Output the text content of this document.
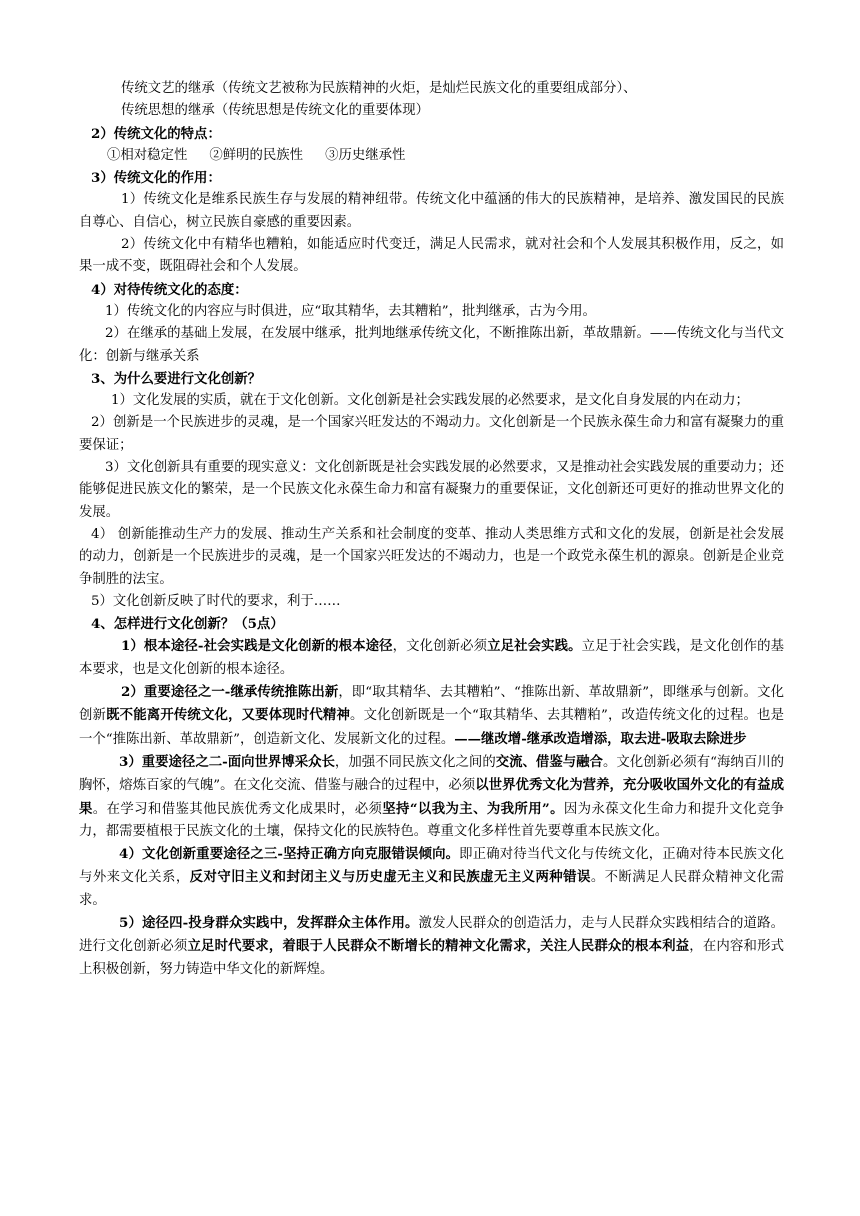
传统文艺的继承（传统文艺被称为民族精神的火炬，是灿烂民族文化的重要组成部分）、

传统思想的继承（传统思想是传统文化的重要体现）

2）传统文化的特点：

①相对稳定性 ②鲜明的民族性 ③历史继承性

3）传统文化的作用：

1）传统文化是维系民族生存与发展的精神纽带。传统文化中蕴涵的伟大的民族精神，是培养、激发国民的民族自尊心、自信心，树立民族自豪感的重要因素。

2）传统文化中有精华也糟粕，如能适应时代变迁，满足人民需求，就对社会和个人发展其积极作用，反之，如果一成不变，既阻碍社会和个人发展。

4）对待传统文化的态度：

1）传统文化的内容应与时俱进，应“取其精华，去其糟粕”，批判继承，古为今用。

2）在继承的基础上发展，在发展中继承，批判地继承传统文化，不断推陈出新，革故鼎新。——传统文化与当代文化：创新与继承关系

3、为什么要进行文化创新？

1）文化发展的实质，就在于文化创新。文化创新是社会实践发展的必然要求，是文化自身发展的内在动力；

2）创新是一个民族进步的灵魂，是一个国家兴旺发达的不竭动力。文化创新是一个民族永葆生命力和富有凝聚力的重要保证；

3）文化创新具有重要的现实意义：文化创新既是社会实践发展的必然要求，又是推动社会实践发展的重要动力；还能够促进民族文化的繁荣，是一个民族文化永葆生命力和富有凝聚力的重要保证，文化创新还可更好的推动世界文化的发展。

4） 创新能推动生产力的发展、推动生产关系和社会制度的变革、推动人类思维方式和文化的发展，创新是社会发展的动力，创新是一个民族进步的灵魂，是一个国家兴旺发达的不竭动力，也是一个政党永葆生机的源泉。创新是企业竞争制胜的法宝。

5）文化创新反映了时代的要求，利于……

4、怎样进行文化创新？（5点）

1）根本途径-社会实践是文化创新的根本途径，文化创新必须立足社会实践。立足于社会实践，是文化创作的基本要求，也是文化创新的根本途径。

2）重要途径之一-继承传统推陈出新，即“取其精华、去其糟粕”、“推陈出新、革故鼎新”，即继承与创新。文化创新既不能离开传统文化，又要体现时代精神。文化创新既是一个“取其精华、去其糟粕”，改造传统文化的过程。也是一个“推陈出新、革故鼎新”，创造新文化、发展新文化的过程。——继改增-继承改造增添，取去进-吸取去除进步

3）重要途径之二-面向世界博采众长，加强不同民族文化之间的交流、借鉴与融合。文化创新必须有“海纳百川的胸怀，熔炼百家的气魄”。在文化交流、借鉴与融合的过程中，必须以世界优秀文化为营养，充分吸收国外文化的有益成果。在学习和借鉴其他民族优秀文化成果时，必须坚持“以我为主、为我所用”。因为永葆文化生命力和提升文化竞争力，都需要植根于民族文化的土壤，保持文化的民族特色。尊重文化多样性首先要尊重本民族文化。

4）文化创新重要途径之三-坚持正确方向克服错误倾向。即正确对待当代文化与传统文化，正确对待本民族文化与外来文化关系，反对守旧主义和封闭主义与历史虚无主义和民族虚无主义两种错误。不断满足人民群众精神文化需求。

5）途径四-投身群众实践中，发挥群众主体作用。激发人民群众的创造活力，走与人民群众实践相结合的道路。 进行文化创新必须立足时代要求，着眼于人民群众不断增长的精神文化需求，关注人民群众的根本利益，在内容和形式上积极创新，努力铸造中华文化的新辉煌。
